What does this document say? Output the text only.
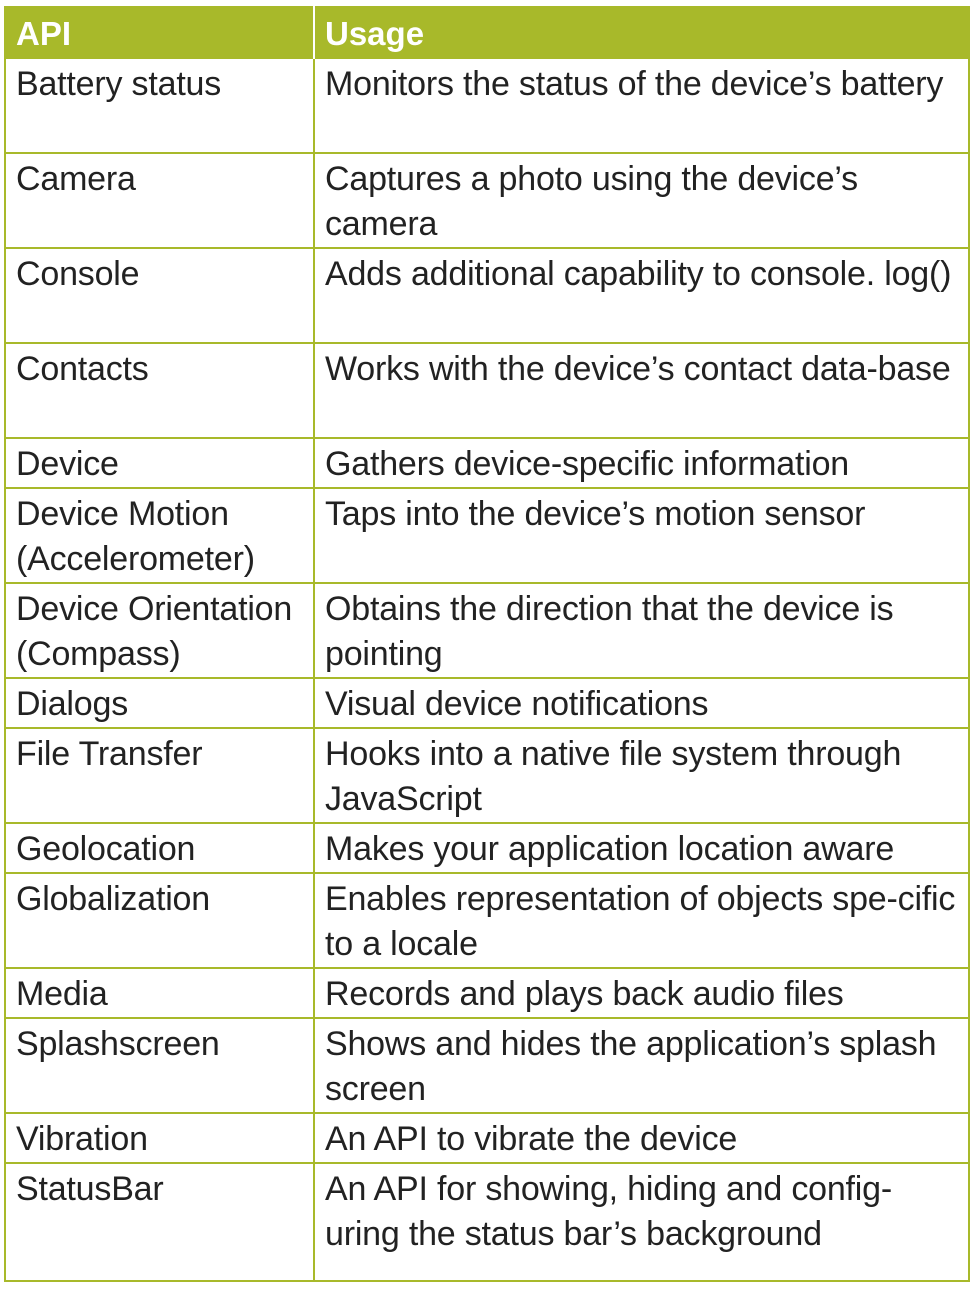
API	Usage
Battery status	Monitors the status of the device’s battery
Camera	Captures a photo using the device’s camera
Console	Adds additional capability to console. log()
Contacts	Works with the device’s contact data-base
Device	Gathers device-specific information
Device Motion (Accelerometer)	Taps into the device’s motion sensor
Device Orientation (Compass)	Obtains the direction that the device is pointing
Dialogs	Visual device notifications
File Transfer	Hooks into a native file system through JavaScript
Geolocation	Makes your application location aware
Globalization	Enables representation of objects spe-cific to a locale
Media	Records and plays back audio files
Splashscreen	Shows and hides the application’s splash screen
Vibration	An API to vibrate the device
StatusBar	An API for showing, hiding and config-uring the status bar’s background
